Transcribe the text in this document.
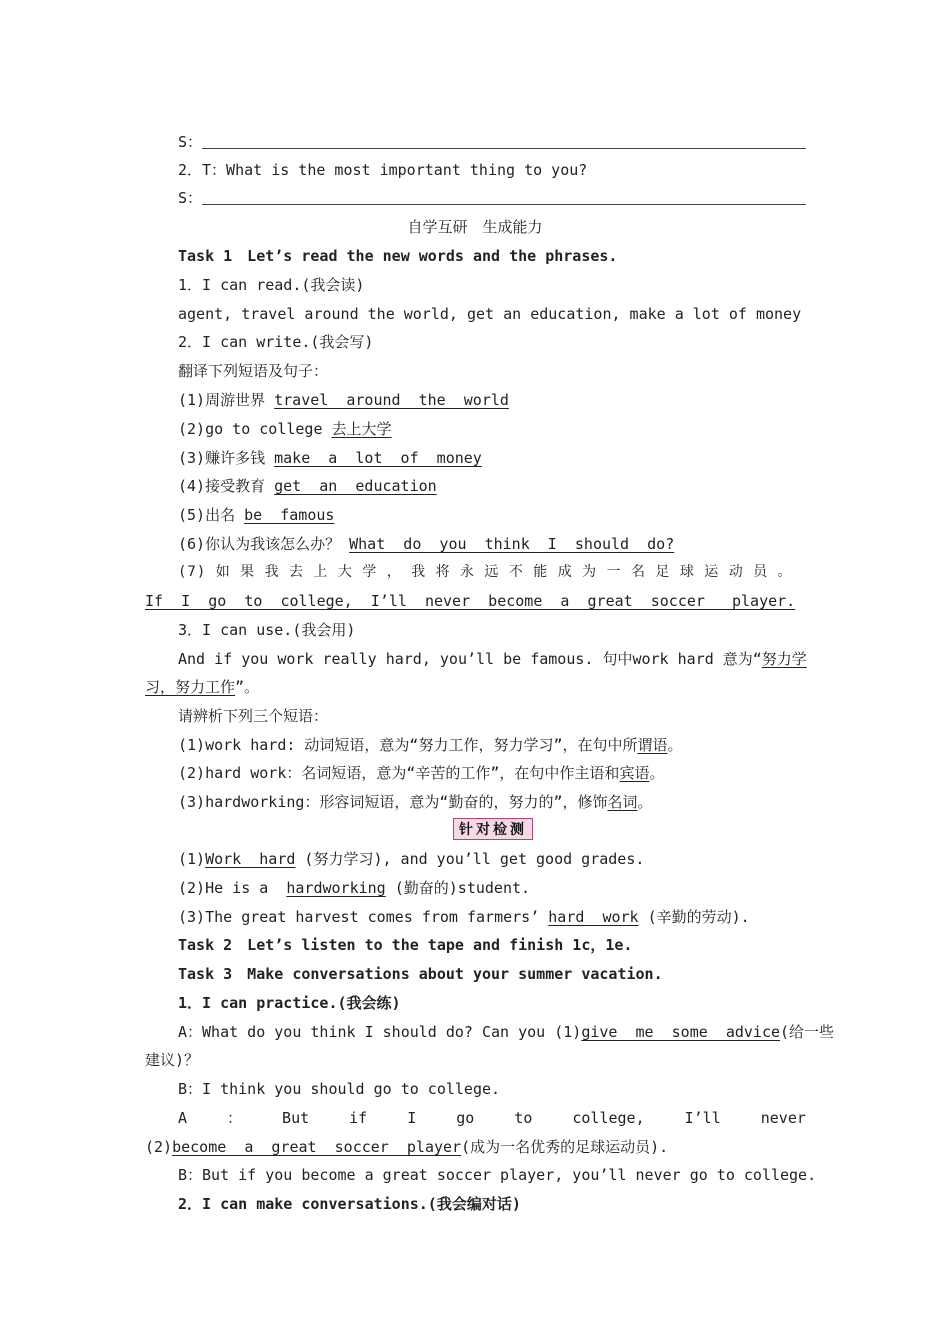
S：
2．T：What is the most important thing to you?
S：
自学互研　生成能力
Task 1　Let’s read the new words and the phrases.
1．I can read.(我会读)
agent, travel around the world, get an education, make a lot of money
2．I can write.(我会写)
翻译下列短语及句子：
(1)周游世界 travel  around  the  world
(2)go to college 去上大学
(3)赚许多钱 make  a  lot  of  money
(4)接受教育 get  an  education
(5)出名 be  famous
(6)你认为我该怎么办？ What  do  you  think  I  should  do?
(7) 如 果 我 去 上 大 学 ， 我 将 永 远 不 能 成 为 一 名 足 球 运 动 员 。
If  I  go  to  college,  I’ll  never  become  a  great  soccer   player.
3．I can use.(我会用)
And if you work really hard, you’ll be famous. 句中work hard 意为“努力学
习，努力工作”。
请辨析下列三个短语：
(1)work hard: 动词短语，意为“努力工作，努力学习”，在句中所谓语。
(2)hard work：名词短语，意为“辛苦的工作”，在句中作主语和宾语。
(3)hardworking：形容词短语，意为“勤奋的，努力的”，修饰名词。
针对检测
(1)Work  hard (努力学习), and you’ll get good grades.
(2)He is a  hardworking (勤奋的)student.
(3)The great harvest comes from farmers’ hard  work (辛勤的劳动).
Task 2　Let’s listen to the tape and finish 1c，1e.
Task 3　Make conversations about your summer vacation.
1．I can practice.(我会练)
A：What do you think I should do? Can you (1)give  me  some  advice(给一些
建议)？
B：I think you should go to college.
A	：	But	if	I	go	to	college,	I’ll	never
(2)become  a  great  soccer  player(成为一名优秀的足球运动员).
B：But if you become a great soccer player, you’ll never go to college.
2．I can make conversations.(我会编对话)
